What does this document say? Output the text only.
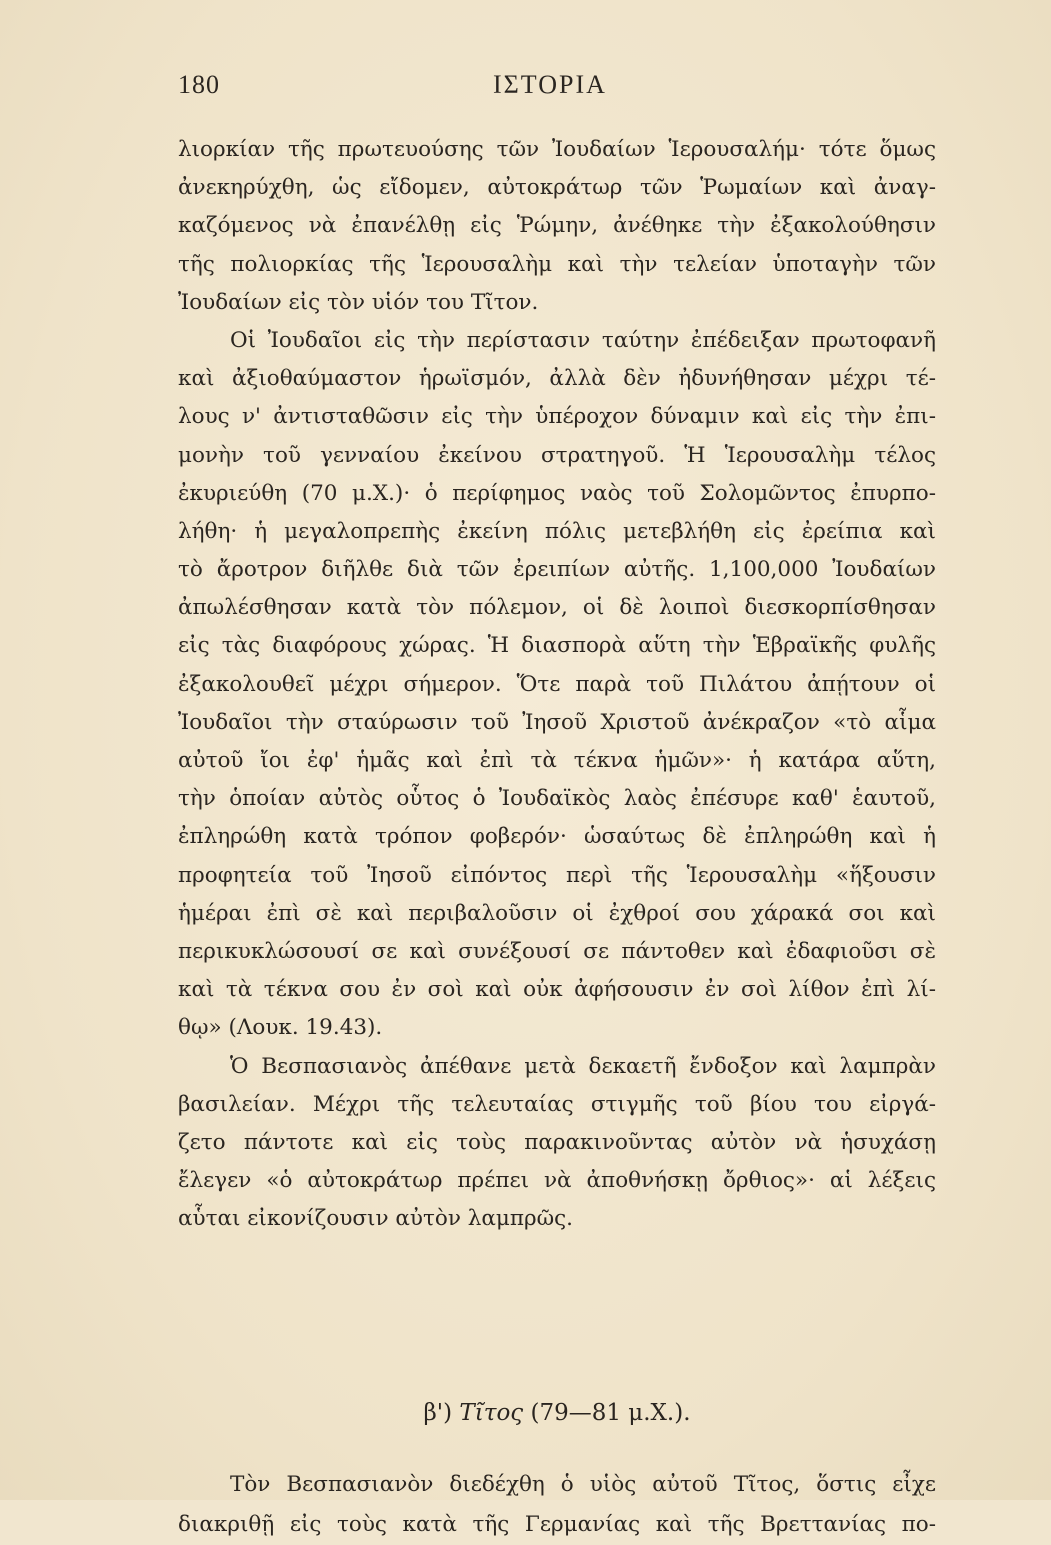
180	ΙΣΤΟΡΙΑ
λιορκίαν τῆς πρωτευούσης τῶν Ἰουδαίων Ἱερουσαλήμ· τότε ὅμως
ἀνεκηρύχθη, ὡς εἴδομεν, αὐτοκράτωρ τῶν Ῥωμαίων καὶ ἀναγ-
καζόμενος νὰ ἐπανέλθῃ εἰς Ῥώμην, ἀνέθηκε τὴν ἐξακολούθησιν
τῆς πολιορκίας τῆς Ἱερουσαλὴμ καὶ τὴν τελείαν ὑποταγὴν τῶν
Ἰουδαίων εἰς τὸν υἱόν του Τῖτον.
Οἱ Ἰουδαῖοι εἰς τὴν περίστασιν ταύτην ἐπέδειξαν πρωτοφανῆ
καὶ ἀξιοθαύμαστον ἡρωϊσμόν, ἀλλὰ δὲν ἠδυνήθησαν μέχρι τέ-
λους ν' ἀντισταθῶσιν εἰς τὴν ὑπέροχον δύναμιν καὶ εἰς τὴν ἐπι-
μονὴν τοῦ γενναίου ἐκείνου στρατηγοῦ. Ἡ Ἱερουσαλὴμ τέλος
ἐκυριεύθη (70 μ.Χ.)· ὁ περίφημος ναὸς τοῦ Σολομῶντος ἐπυρπο-
λήθη· ἡ μεγαλοπρεπὴς ἐκείνη πόλις μετεβλήθη εἰς ἐρείπια καὶ
τὸ ἄροτρον διῆλθε διὰ τῶν ἐρειπίων αὐτῆς. 1,100,000 Ἰουδαίων
ἀπωλέσθησαν κατὰ τὸν πόλεμον, οἱ δὲ λοιποὶ διεσκορπίσθησαν
εἰς τὰς διαφόρους χώρας. Ἡ διασπορὰ αὕτη τὴν Ἑβραϊκῆς φυλῆς
ἐξακολουθεῖ μέχρι σήμερον. Ὅτε παρὰ τοῦ Πιλάτου ἀπῄτουν οἱ
Ἰουδαῖοι τὴν σταύρωσιν τοῦ Ἰησοῦ Χριστοῦ ἀνέκραζον «τὸ αἷμα
αὐτοῦ ἴοι ἐφ' ἡμᾶς καὶ ἐπὶ τὰ τέκνα ἡμῶν»· ἡ κατάρα αὕτη,
τὴν ὁποίαν αὐτὸς οὗτος ὁ Ἰουδαϊκὸς λαὸς ἐπέσυρε καθ' ἑαυτοῦ,
ἐπληρώθη κατὰ τρόπον φοβερόν· ὡσαύτως δὲ ἐπληρώθη καὶ ἡ
προφητεία τοῦ Ἰησοῦ εἰπόντος περὶ τῆς Ἱερουσαλὴμ «ἥξουσιν
ἡμέραι ἐπὶ σὲ καὶ περιβαλοῦσιν οἱ ἐχθροί σου χάρακά σοι καὶ
περικυκλώσουσί σε καὶ συνέξουσί σε πάντοθεν καὶ ἐδαφιοῦσι σὲ
καὶ τὰ τέκνα σου ἐν σοὶ καὶ οὐκ ἀφήσουσιν ἐν σοὶ λίθον ἐπὶ λί-
θῳ» (Λουκ. 19.43).
Ὁ Βεσπασιανὸς ἀπέθανε μετὰ δεκαετῆ ἔνδοξον καὶ λαμπρὰν
βασιλείαν. Μέχρι τῆς τελευταίας στιγμῆς τοῦ βίου του εἰργά-
ζετο πάντοτε καὶ εἰς τοὺς παρακινοῦντας αὐτὸν νὰ ἡσυχάσῃ
ἔλεγεν «ὁ αὐτοκράτωρ πρέπει νὰ ἀποθνήσκῃ ὄρθιος»· αἱ λέξεις
αὗται εἰκονίζουσιν αὐτὸν λαμπρῶς.
β') Τῖτος (79—81 μ.Χ.).
Τὸν Βεσπασιανὸν διεδέχθη ὁ υἱὸς αὐτοῦ Τῖτος, ὅστις εἶχε
διακριθῇ εἰς τοὺς κατὰ τῆς Γερμανίας καὶ τῆς Βρεττανίας πο-
